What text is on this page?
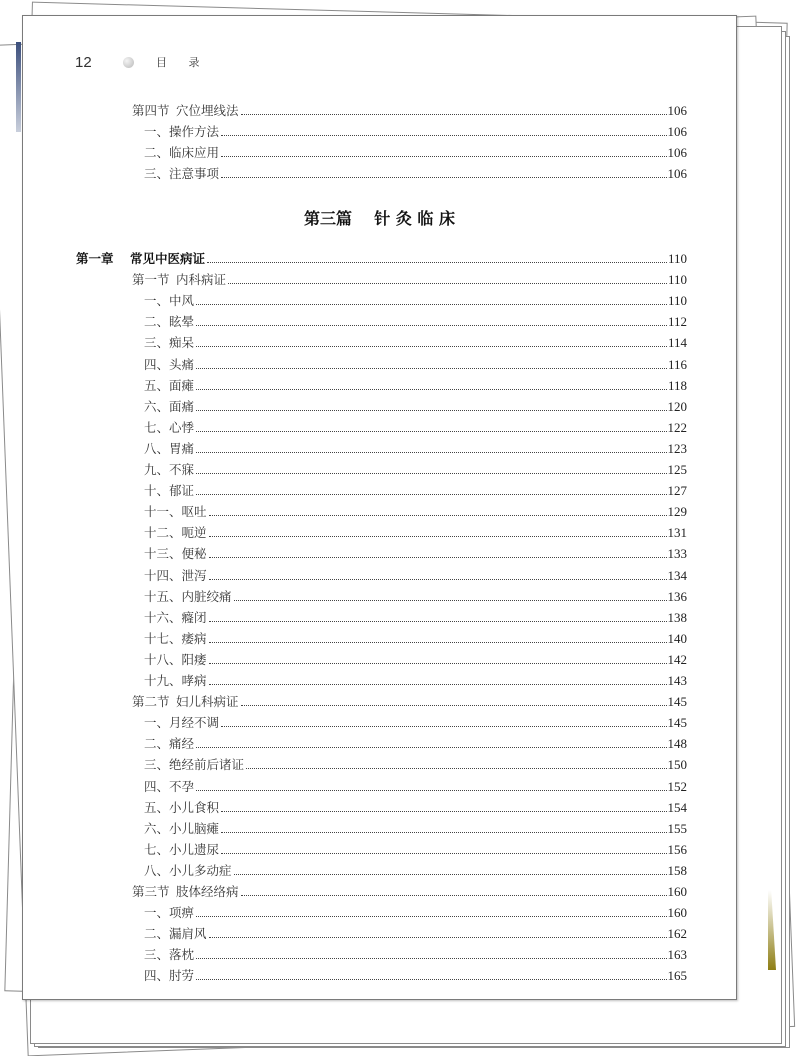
12	目 录
第四节 穴位埋线法	106
一、操作方法	106
二、临床应用	106
三、注意事项	106
第三篇 针 灸 临 床
第一章 常见中医病证	110
第一节 内科病证	110
一、中风	110
二、眩晕	112
三、痴呆	114
四、头痛	116
五、面瘫	118
六、面痛	120
七、心悸	122
八、胃痛	123
九、不寐	125
十、郁证	127
十一、呕吐	129
十二、呃逆	131
十三、便秘	133
十四、泄泻	134
十五、内脏绞痛	136
十六、癃闭	138
十七、痿病	140
十八、阳痿	142
十九、哮病	143
第二节 妇儿科病证	145
一、月经不调	145
二、痛经	148
三、绝经前后诸证	150
四、不孕	152
五、小儿食积	154
六、小儿脑瘫	155
七、小儿遗尿	156
八、小儿多动症	158
第三节 肢体经络病	160
一、项痹	160
二、漏肩风	162
三、落枕	163
四、肘劳	165
